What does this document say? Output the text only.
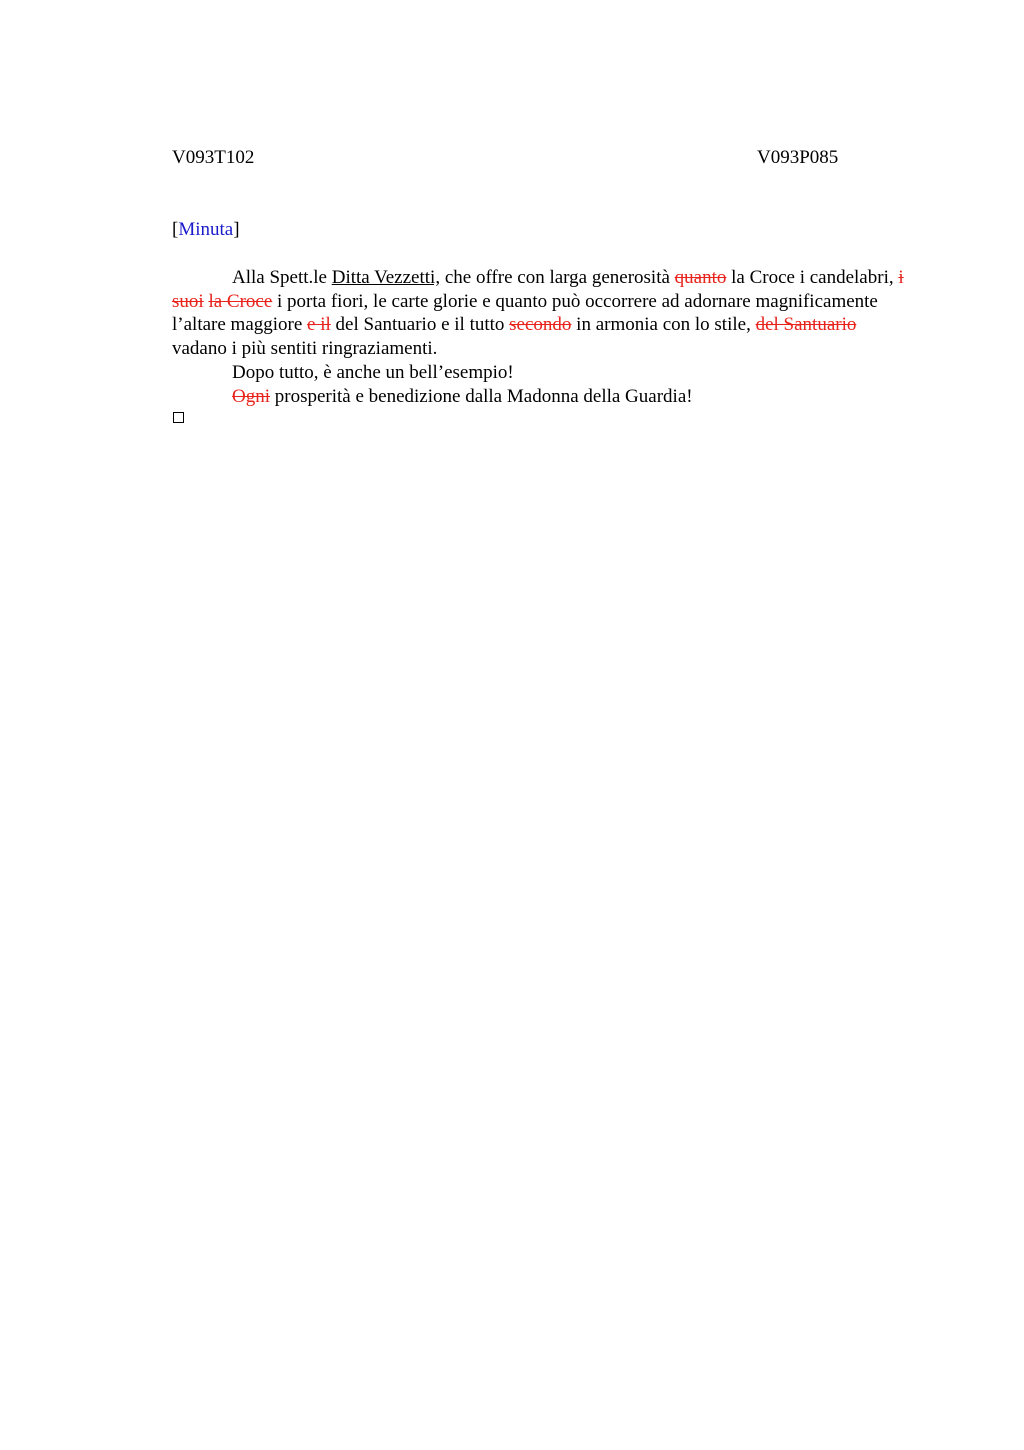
V093T102	V093P085
[Minuta]

Alla Spett.le Ditta Vezzetti, che offre con larga generosità quanto la Croce i candelabri, i suoi la Croce i porta fiori, le carte glorie e quanto può occorrere ad adornare magnificamente l’altare maggiore e il del Santuario e il tutto secondo in armonia con lo stile, del Santuario vadano i più sentiti ringraziamenti.

Dopo tutto, è anche un bell’esempio!

Ogni prosperità e benedizione dalla Madonna della Guardia!
